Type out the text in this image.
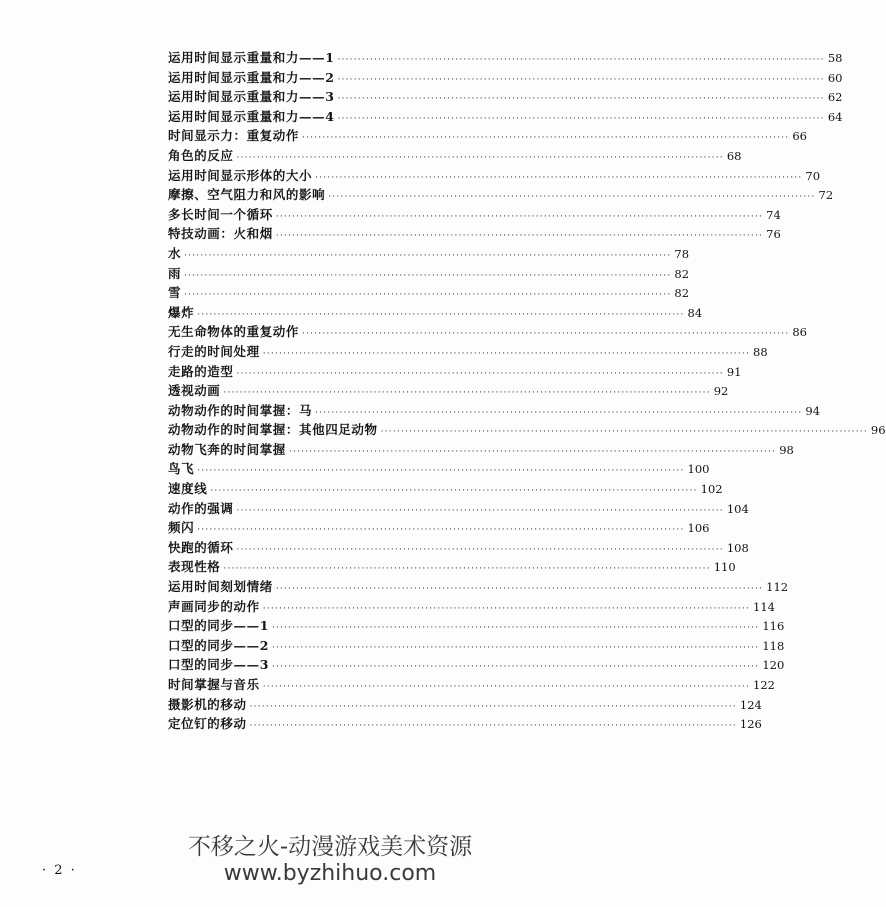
运用时间显示重量和力——1 ························································································································ 58
运用时间显示重量和力——2 ························································································································ 60
运用时间显示重量和力——3 ························································································································ 62
运用时间显示重量和力——4 ························································································································ 64
时间显示力：重复动作 ························································································································ 66
角色的反应 ························································································································ 68
运用时间显示形体的大小 ························································································································ 70
摩擦、空气阻力和风的影响 ························································································································ 72
多长时间一个循环 ························································································································ 74
特技动画：火和烟 ························································································································ 76
水 ························································································································ 78
雨 ························································································································ 82
雪 ························································································································ 82
爆炸 ························································································································ 84
无生命物体的重复动作 ························································································································ 86
行走的时间处理 ························································································································ 88
走路的造型 ························································································································ 91
透视动画 ························································································································ 92
动物动作的时间掌握：马 ························································································································ 94
动物动作的时间掌握：其他四足动物 ························································································································ 96
动物飞奔的时间掌握 ························································································································ 98
鸟飞 ························································································································ 100
速度线 ························································································································ 102
动作的强调 ························································································································ 104
频闪 ························································································································ 106
快跑的循环 ························································································································ 108
表现性格 ························································································································ 110
运用时间刻划情绪 ························································································································ 112
声画同步的动作 ························································································································ 114
口型的同步——1 ························································································································ 116
口型的同步——2 ························································································································ 118
口型的同步——3 ························································································································ 120
时间掌握与音乐 ························································································································ 122
摄影机的移动 ························································································································ 124
定位钉的移动 ························································································································ 126
· 2 ·
不移之火-动漫游戏美术资源
www.byzhihuo.com
